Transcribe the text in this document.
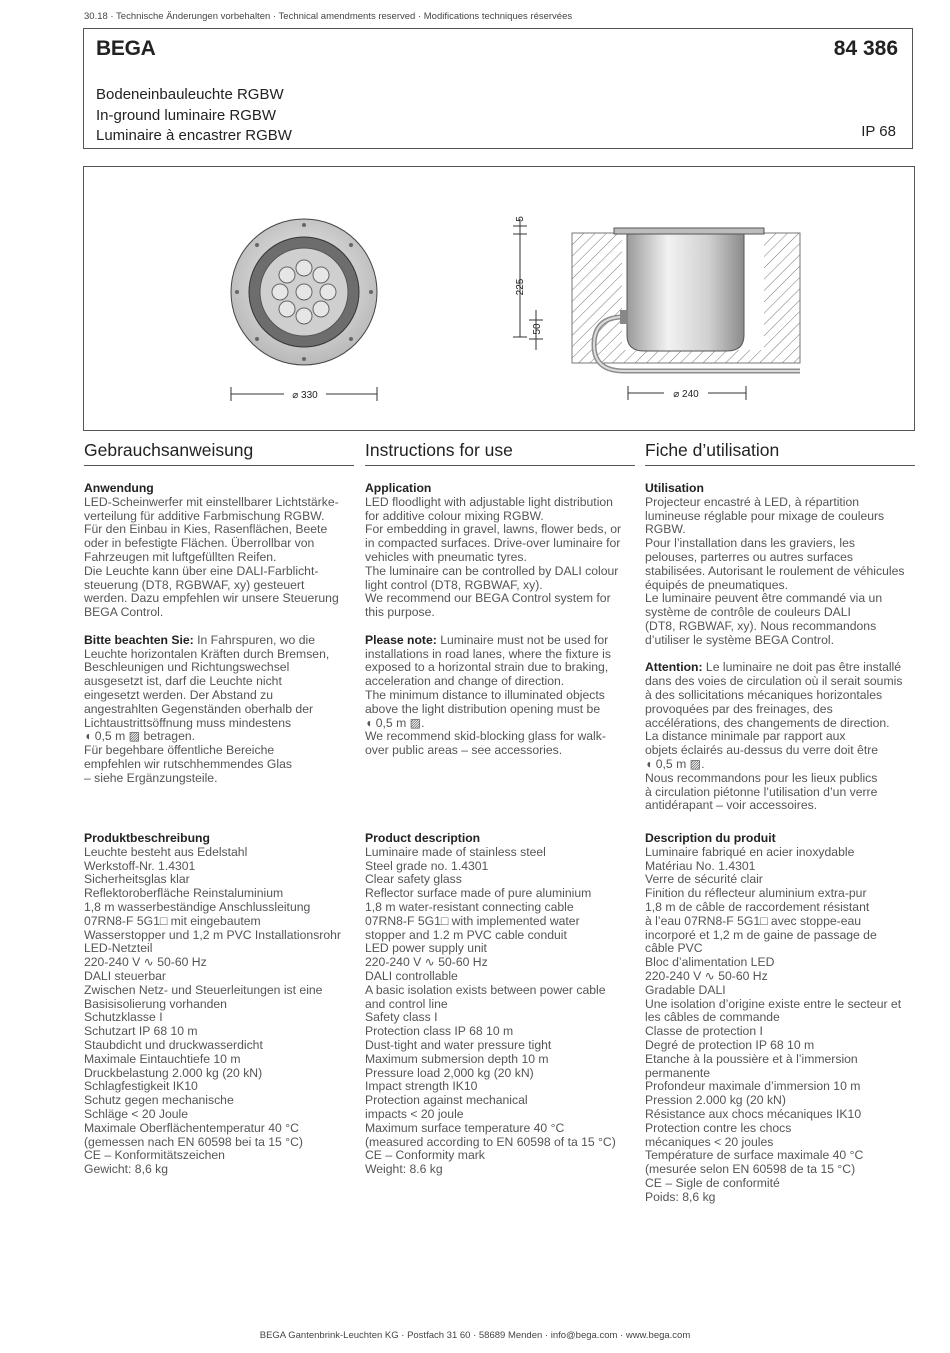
30.18 · Technische Änderungen vorbehalten · Technical amendments reserved · Modifications techniques réservées
BEGA	84 386
Bodeneinbauleuchte RGBW
In-ground luminaire RGBW
Luminaire à encastrer RGBW	IP 68
⌀ 330	⌀ 240
5
225
50
Gebrauchsanweisung
Anwendung
LED-Scheinwerfer mit einstellbarer Lichtstärke-
verteilung für additive Farbmischung RGBW.
Für den Einbau in Kies, Rasenflächen, Beete
oder in befestigte Flächen. Überrollbar von
Fahrzeugen mit luftgefüllten Reifen.
Die Leuchte kann über eine DALI-Farblicht-
steuerung (DT8, RGBWAF, xy) gesteuert
werden. Dazu empfehlen wir unsere Steuerung
BEGA Control.
Bitte beachten Sie: In Fahrspuren, wo die
Leuchte horizontalen Kräften durch Bremsen,
Beschleunigen und Richtungswechsel
ausgesetzt ist, darf die Leuchte nicht
eingesetzt werden. Der Abstand zu
angestrahlten Gegenständen oberhalb der
Lichtaustrittsöffnung muss mindestens
◖ 0,5 m ▨ betragen.
Für begehbare öffentliche Bereiche
empfehlen wir rutschhemmendes Glas
– siehe Ergänzungsteile.
Instructions for use
Application
LED floodlight with adjustable light distribution
for additive colour mixing RGBW.
For embedding in gravel, lawns, flower beds, or
in compacted surfaces. Drive-over luminaire for
vehicles with pneumatic tyres.
The luminaire can be controlled by DALI colour
light control (DT8, RGBWAF, xy).
We recommend our BEGA Control system for
this purpose.
Please note: Luminaire must not be used for
installations in road lanes, where the fixture is
exposed to a horizontal strain due to braking,
acceleration and change of direction.
The minimum distance to illuminated objects
above the light distribution opening must be
◖ 0,5 m ▨.
We recommend skid-blocking glass for walk-
over public areas – see accessories.
Fiche d’utilisation
Utilisation
Projecteur encastré à LED, à répartition
lumineuse réglable pour mixage de couleurs
RGBW.
Pour l’installation dans les graviers, les
pelouses, parterres ou autres surfaces
stabilisées. Autorisant le roulement de véhicules
équipés de pneumatiques.
Le luminaire peuvent être commandé via un
système de contrôle de couleurs DALI
(DT8, RGBWAF, xy). Nous recommandons
d’utiliser le système BEGA Control.
Attention: Le luminaire ne doit pas être installé
dans des voies de circulation où il serait soumis
à des sollicitations mécaniques horizontales
provoquées par des freinages, des
accélérations, des changements de direction.
La distance minimale par rapport aux
objets éclairés au-dessus du verre doit être
◖ 0,5 m ▨.
Nous recommandons pour les lieux publics
à circulation piétonne l’utilisation d’un verre
antidérapant – voir accessoires.
Produktbeschreibung
Leuchte besteht aus Edelstahl
Werkstoff-Nr. 1.4301
Sicherheitsglas klar
Reflektoroberfläche Reinstaluminium
1,8 m wasserbeständige Anschlussleitung
07RN8-F 5G1□ mit eingebautem
Wasserstopper und 1,2 m PVC Installationsrohr
LED-Netzteil
220-240 V ∿ 50-60 Hz
DALI steuerbar
Zwischen Netz- und Steuerleitungen ist eine
Basisisolierung vorhanden
Schutzklasse I
Schutzart IP 68 10 m
Staubdicht und druckwasserdicht
Maximale Eintauchtiefe 10 m
Druckbelastung 2.000 kg (20 kN)
Schlagfestigkeit IK10
Schutz gegen mechanische
Schläge < 20 Joule
Maximale Oberflächentemperatur 40 °C
(gemessen nach EN 60598 bei ta 15 °C)
CE – Konformitätszeichen
Gewicht: 8,6 kg
Product description
Luminaire made of stainless steel
Steel grade no. 1.4301
Clear safety glass
Reflector surface made of pure aluminium
1,8 m water-resistant connecting cable
07RN8-F 5G1□ with implemented water
stopper and 1.2 m PVC cable conduit
LED power supply unit
220-240 V ∿ 50-60 Hz
DALI controllable
A basic isolation exists between power cable
and control line
Safety class I
Protection class IP 68 10 m
Dust-tight and water pressure tight
Maximum submersion depth 10 m
Pressure load 2,000 kg (20 kN)
Impact strength IK10
Protection against mechanical
impacts < 20 joule
Maximum surface temperature 40 °C
(measured according to EN 60598 of ta 15 °C)
CE – Conformity mark
Weight: 8.6 kg
Description du produit
Luminaire fabriqué en acier inoxydable
Matériau No. 1.4301
Verre de sécurité clair
Finition du réflecteur aluminium extra-pur
1,8 m de câble de raccordement résistant
à l’eau 07RN8-F 5G1□ avec stoppe-eau
incorporé et 1,2 m de gaine de passage de
câble PVC
Bloc d’alimentation LED
220-240 V ∿ 50-60 Hz
Gradable DALI
Une isolation d’origine existe entre le secteur et
les câbles de commande
Classe de protection I
Degré de protection IP 68 10 m
Etanche à la poussière et à l’immersion
permanente
Profondeur maximale d’immersion 10 m
Pression 2.000 kg (20 kN)
Résistance aux chocs mécaniques IK10
Protection contre les chocs
mécaniques < 20 joules
Température de surface maximale 40 °C
(mesurée selon EN 60598 de ta 15 °C)
CE – Sigle de conformité
Poids: 8,6 kg
BEGA Gantenbrink-Leuchten KG · Postfach 31 60 · 58689 Menden · info@bega.com · www.bega.com
